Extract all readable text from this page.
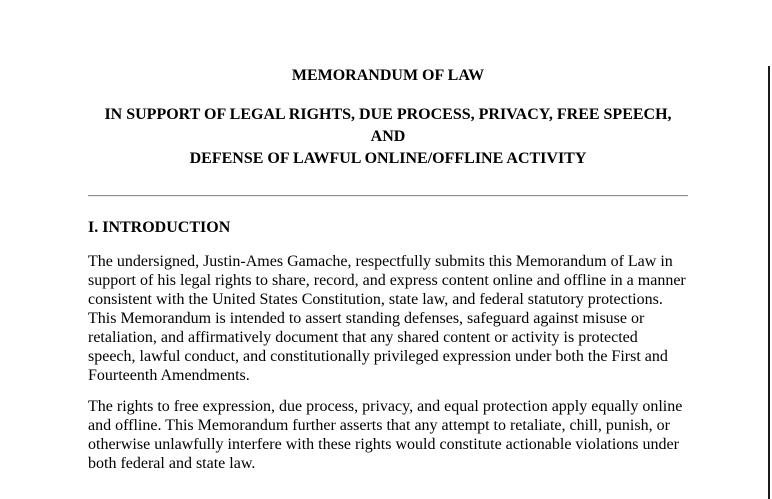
MEMORANDUM OF LAW
IN SUPPORT OF LEGAL RIGHTS, DUE PROCESS, PRIVACY, FREE SPEECH, AND
DEFENSE OF LAWFUL ONLINE/OFFLINE ACTIVITY
I. INTRODUCTION

The undersigned, Justin-Ames Gamache, respectfully submits this Memorandum of Law in support of his legal rights to share, record, and express content online and offline in a manner consistent with the United States Constitution, state law, and federal statutory protections. This Memorandum is intended to assert standing defenses, safeguard against misuse or retaliation, and affirmatively document that any shared content or activity is protected speech, lawful conduct, and constitutionally privileged expression under both the First and Fourteenth Amendments.

The rights to free expression, due process, privacy, and equal protection apply equally online and offline. This Memorandum further asserts that any attempt to retaliate, chill, punish, or otherwise unlawfully interfere with these rights would constitute actionable violations under both federal and state law.
